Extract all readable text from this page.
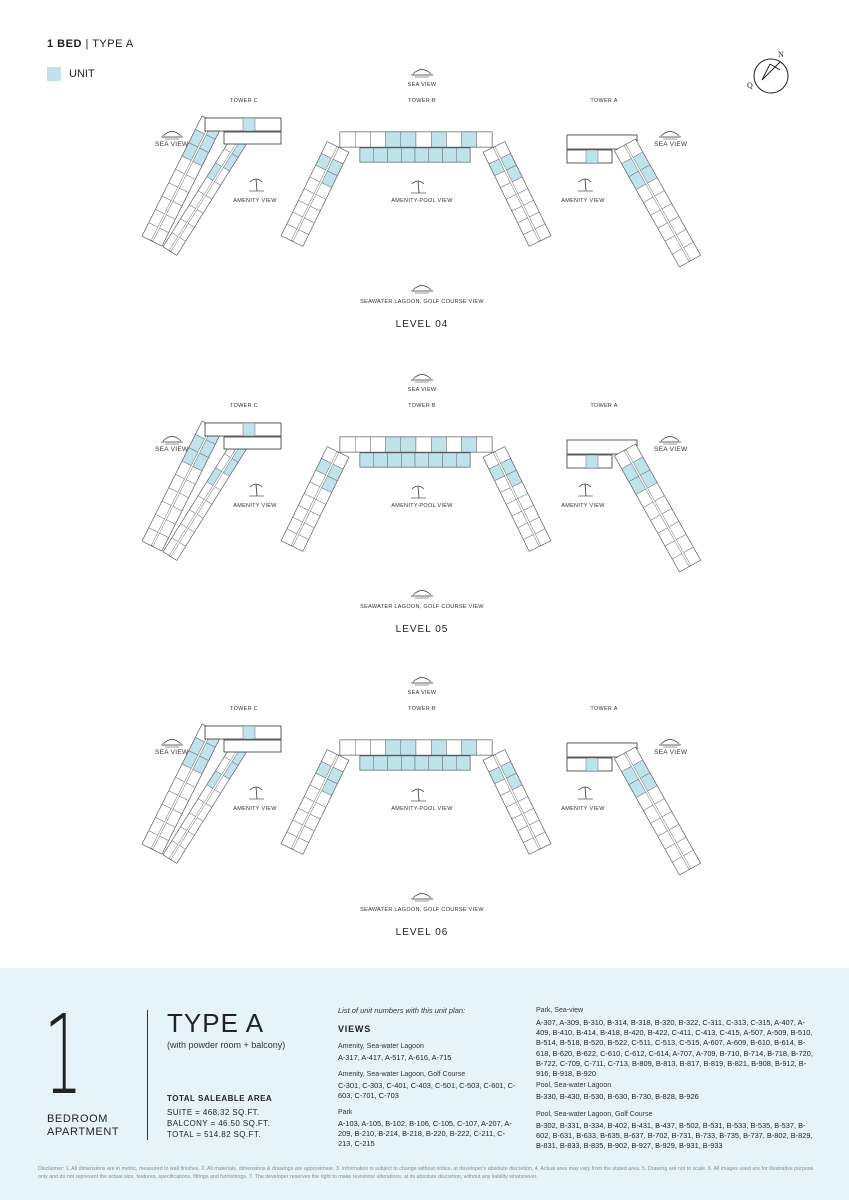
1 BED | TYPE A
UNIT
N
Q
SEA VIEW
TOWER C	TOWER B	TOWER A
SEA VIEW	SEA VIEW
AMENITY VIEW	AMENITY-POOL VIEW	AMENITY VIEW
SEAWATER LAGOON, GOLF COURSE VIEW
LEVEL 04
SEA VIEW
TOWER C	TOWER B	TOWER A
SEA VIEW	SEA VIEW
AMENITY VIEW	AMENITY-POOL VIEW	AMENITY VIEW
SEAWATER LAGOON, GOLF COURSE VIEW
LEVEL 05
SEA VIEW
TOWER C	TOWER B	TOWER A
SEA VIEW	SEA VIEW
AMENITY VIEW	AMENITY-POOL VIEW	AMENITY VIEW
SEAWATER LAGOON, GOLF COURSE VIEW
LEVEL 06
1
BEDROOM
APARTMENT
TYPE A
(with powder room + balcony)
TOTAL SALEABLE AREA
SUITE = 468.32 SQ.FT.
BALCONY = 46.50 SQ.FT.
TOTAL = 514.82 SQ.FT.
List of unit numbers with this unit plan:
VIEWS
Amenity, Sea-water Lagoon
A-317, A-417, A-517, A-616, A-715
Amenity, Sea-water Lagoon, Golf Course
C-301, C-303, C-401, C-403, C-501, C-503, C-601, C-603, C-701, C-703
Park
A-103, A-105, B-102, B-106, C-105, C-107, A-207, A-209, B-210, B-214, B-218, B-220, B-222, C-211, C-213, C-215
Park, Sea-view
A-307, A-309, B-310, B-314, B-318, B-320, B-322, C-311, C-313, C-315, A-407, A-409, B-410, B-414, B-418, B-420, B-422, C-411, C-413, C-415, A-507, A-509, B-510, B-514, B-518, B-520, B-522, C-511, C-513, C-515, A-607, A-609, B-610, B-614, B-618, B-620, B-622, C-610, C-612, C-614, A-707, A-709, B-710, B-714, B-718, B-720, B-722, C-709, C-711, C-713, B-809, B-813, B-817, B-819, B-821, B-908, B-912, B-916, B-918, B-920
Pool, Sea-water Lagoon
B-330, B-430, B-530, B-630, B-730, B-828, B-926
Pool, Sea-water Lagoon, Golf Course
B-302, B-331, B-334, B-402, B-431, B-437, B-502, B-531, B-533, B-535, B-537, B-602, B-631, B-633, B-635, B-637, B-702, B-731, B-733, B-735, B-737, B-802, B-829, B-831, B-833, B-835, B-902, B-927, B-929, B-931, B-933
Disclaimer: 1. All dimensions are in metric, measured to wall finishes. 2. All materials, dimensions & drawings are approximate. 3. Information is subject to change without notice, at developer's absolute discretion. 4. Actual area may vary from the stated area. 5. Drawing are not to scale. 6. All images used are for illustrative purpose only and do not represent the actual size, features, specifications, fittings and furnishings. 7. The developer reserves the right to make revisions/ alterations, at its absolute discretion, without any liability whatsoever.
